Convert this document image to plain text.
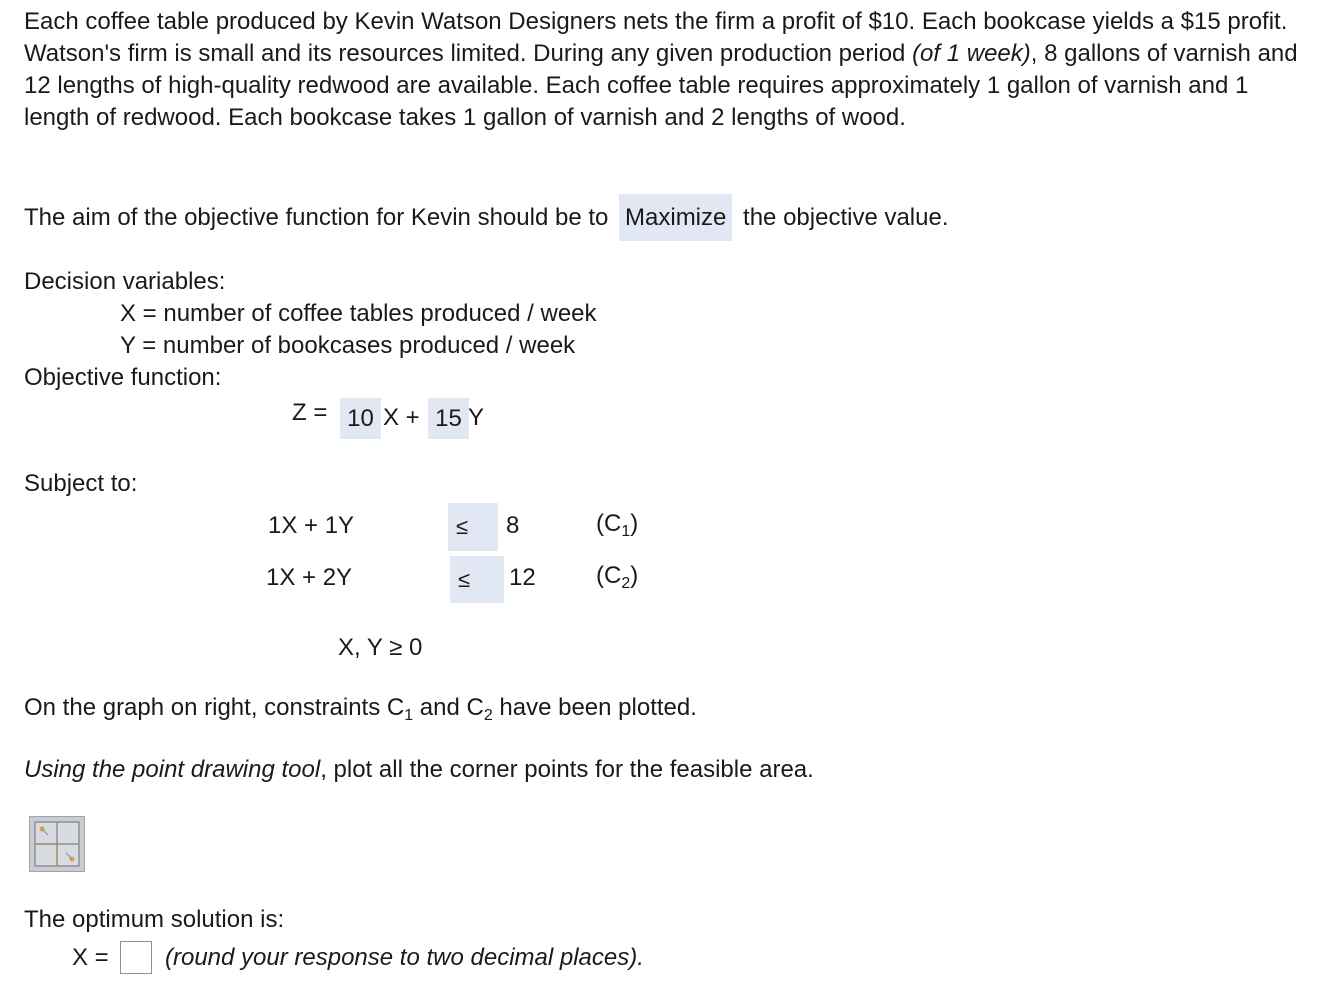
Each coffee table produced by Kevin Watson Designers nets the firm a profit of $10. Each bookcase yields a $15 profit. Watson's firm is small and its resources limited. During any given production period (of 1 week), 8 gallons of varnish and 12 lengths of high-quality redwood are available. Each coffee table requires approximately 1 gallon of varnish and 1 length of redwood. Each bookcase takes 1 gallon of varnish and 2 lengths of wood.
The aim of the objective function for Kevin should be to Maximize the objective value.
Decision variables:
X = number of coffee tables produced / week
Y = number of bookcases produced / week
Objective function:
Z = 10 X + 15 Y
Subject to:
1X + 1Y	≤	8	$(C_1)$
1X + 2Y	≤	12	$(C_2)$
X, Y ≥ 0
On the graph on right, constraints $C_1$ and $C_2$ have been plotted.
Using the point drawing tool, plot all the corner points for the feasible area.
The optimum solution is:
X = (round your response to two decimal places).
